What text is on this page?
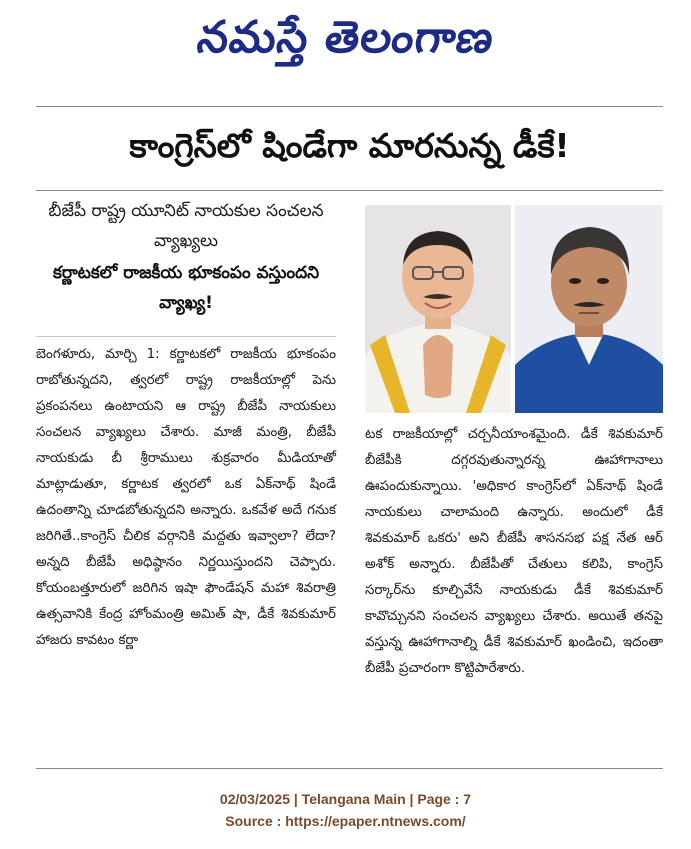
నమస్తే తెలంగాణ
కాంగ్రెస్‌లో షిండేగా మారనున్న డీకే!
బీజేపీ రాష్ట్ర యూనిట్ నాయకుల సంచలన వ్యాఖ్యలు
కర్ణాటకలో రాజకీయ భూకంపం వస్తుందని వ్యాఖ్య!
బెంగళూరు, మార్చి 1: కర్ణాటకలో రాజకీయ భూకంపం రాబోతున్నదని, త్వరలో రాష్ట్ర రాజకీయాల్లో పెను ప్రకంపనలు ఉంటాయని ఆ రాష్ట్ర బీజేపీ నాయకులు సంచలన వ్యాఖ్యలు చేశారు. మాజీ మంత్రి, బీజేపీ నాయకుడు బీ శ్రీరాములు శుక్రవారం మీడియాతో మాట్లాడుతూ, కర్ణాటక త్వరలో ఒక ఏక్‌నాథ్ షిండే ఉదంతాన్ని చూడబోతున్నదని అన్నారు. ఒకవేళ అదే గనుక జరిగితే..కాంగ్రెస్ చీలిక వర్గానికి మద్దతు ఇవ్వాలా? లేదా? అన్నది బీజేపీ అధిష్ఠానం నిర్ణయిస్తుందని చెప్పారు. కోయంబత్తూరులో జరిగిన ఇషా ఫౌండేషన్ మహా శివరాత్రి ఉత్సవానికి కేంద్ర హోంమంత్రి అమిత్ షా, డీకే శివకుమార్ హాజరు కావటం కర్ణా
టక రాజకీయాల్లో చర్చనీయాంశమైంది. డీకే శివకుమార్ బీజేపీకి దగ్గరవుతున్నారన్న ఊహాగానాలు ఊపందుకున్నాయి. 'అధికార కాంగ్రెస్‌లో ఏక్‌నాథ్ షిండే నాయకులు చాలామంది ఉన్నారు. అందులో డీకే శివకుమార్ ఒకరు' అని బీజేపీ శాసనసభ పక్ష నేత ఆర్ అశోక్ అన్నారు. బీజేపీతో చేతులు కలిపి, కాంగ్రెస్ సర్కార్‌ను కూల్చివేసే నాయకుడు డీకే శివకుమార్ కావొచ్చునని సంచలన వ్యాఖ్యలు చేశారు. అయితే తనపై వస్తున్న ఊహాగానాల్ని డీకే శివకుమార్ ఖండించి, ఇదంతా బీజేపీ ప్రచారంగా కొట్టిపారేశారు.
02/03/2025 | Telangana Main | Page : 7
Source : https://epaper.ntnews.com/
